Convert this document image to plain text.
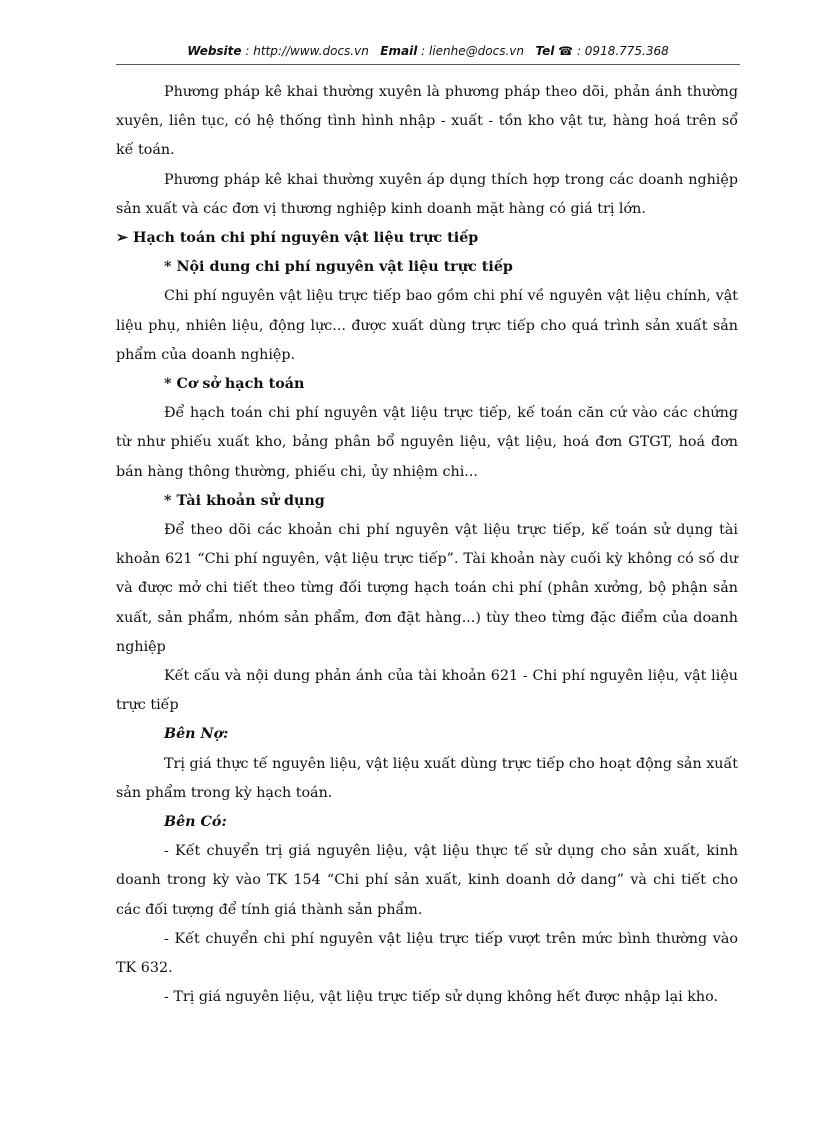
Website : http://www.docs.vn Email : lienhe@docs.vn Tel ☎ : 0918.775.368

Phương pháp kê khai thường xuyên là phương pháp theo dõi, phản ánh thường xuyên, liên tục, có hệ thống tình hình nhập - xuất - tồn kho vật tư, hàng hoá trên sổ kế toán.

Phương pháp kê khai thường xuyên áp dụng thích hợp trong các doanh nghiệp sản xuất và các đơn vị thương nghiệp kinh doanh mặt hàng có giá trị lớn.

➢ Hạch toán chi phí nguyên vật liệu trực tiếp

* Nội dung chi phí nguyên vật liệu trực tiếp

Chi phí nguyên vật liệu trực tiếp bao gồm chi phí về nguyên vật liệu chính, vật liệu phụ, nhiên liệu, động lực... được xuất dùng trực tiếp cho quá trình sản xuất sản phẩm của doanh nghiệp.

* Cơ sở hạch toán

Để hạch toán chi phí nguyên vật liệu trực tiếp, kế toán căn cứ vào các chứng từ như phiếu xuất kho, bảng phân bổ nguyên liệu, vật liệu, hoá đơn GTGT, hoá đơn bán hàng thông thường, phiếu chi, ủy nhiệm chi...

* Tài khoản sử dụng

Để theo dõi các khoản chi phí nguyên vật liệu trực tiếp, kế toán sử dụng tài khoản 621 “Chi phí nguyên, vật liệu trực tiếp”. Tài khoản này cuối kỳ không có số dư và được mở chi tiết theo từng đối tượng hạch toán chi phí (phân xưởng, bộ phận sản xuất, sản phẩm, nhóm sản phẩm, đơn đặt hàng...) tùy theo từng đặc điểm của doanh nghiệp

Kết cấu và nội dung phản ánh của tài khoản 621 - Chi phí nguyên liệu, vật liệu trực tiếp

Bên Nợ:

Trị giá thực tế nguyên liệu, vật liệu xuất dùng trực tiếp cho hoạt động sản xuất sản phẩm trong kỳ hạch toán.

Bên Có:

- Kết chuyển trị giá nguyên liệu, vật liệu thực tế sử dụng cho sản xuất, kinh doanh trong kỳ vào TK 154 “Chi phí sản xuất, kinh doanh dở dang” và chi tiết cho các đối tượng để tính giá thành sản phẩm.

- Kết chuyển chi phí nguyên vật liệu trực tiếp vượt trên mức bình thường vào TK 632.

- Trị giá nguyên liệu, vật liệu trực tiếp sử dụng không hết được nhập lại kho.
